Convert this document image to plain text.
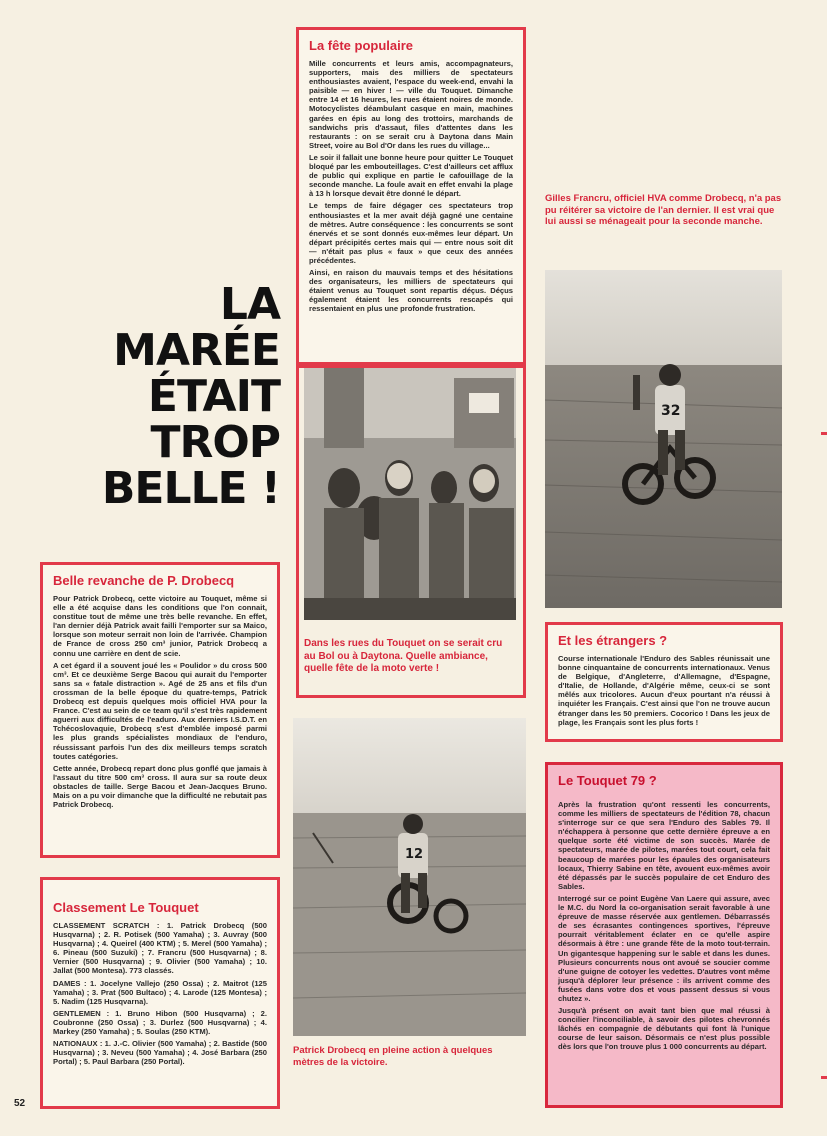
LA
MARÉE
ÉTAIT
TROP
BELLE !
La fête populaire

Mille concurrents et leurs amis, accompagnateurs, supporters, mais des milliers de spectateurs enthousiastes avaient, l'espace du week-end, envahi la paisible — en hiver ! — ville du Touquet. Dimanche entre 14 et 16 heures, les rues étaient noires de monde. Motocyclistes déambulant casque en main, machines garées en épis au long des trottoirs, marchands de sandwichs pris d'assaut, files d'attentes dans les restaurants : on se serait cru à Daytona dans Main Street, voire au Bol d'Or dans les rues du village...

Le soir il fallait une bonne heure pour quitter Le Touquet bloqué par les embouteillages. C'est d'ailleurs cet afflux de public qui explique en partie le cafouillage de la seconde manche. La foule avait en effet envahi la plage à 13 h lorsque devait être donné le départ.

Le temps de faire dégager ces spectateurs trop enthousiastes et la mer avait déjà gagné une centaine de mètres. Autre conséquence : les concurrents se sont énervés et se sont donnés eux-mêmes leur départ. Un départ précipités certes mais qui — entre nous soit dit — n'était pas plus « faux » que ceux des années précédentes.

Ainsi, en raison du mauvais temps et des hésitations des organisateurs, les milliers de spectateurs qui étaient venus au Touquet sont repartis déçus. Déçus également étaient les concurrents rescapés qui ressentaient en plus une profonde frustration.

Gilles Francru, officiel HVA comme Drobecq, n'a pas pu réitérer sa victoire de l'an dernier. Il est vrai que lui aussi se ménageait pour la seconde manche.
32
Dans les rues du Touquet on se serait cru au Bol ou à Daytona. Quelle ambiance, quelle fête de la moto verte !
Belle revanche de P. Drobecq

Pour Patrick Drobecq, cette victoire au Touquet, même si elle a été acquise dans les conditions que l'on connait, constitue tout de même une très belle revanche. En effet, l'an dernier déjà Patrick avait failli l'emporter sur sa Maico, lorsque son moteur serrait non loin de l'arrivée. Champion de France de cross 250 cm³ junior, Patrick Drobecq a connu une carrière en dent de scie.

A cet égard il a souvent joué les « Poulidor » du cross 500 cm³. Et ce deuxième Serge Bacou qui aurait du l'emporter sans sa « fatale distraction ». Agé de 25 ans et fils d'un crossman de la belle époque du quatre-temps, Patrick Drobecq est depuis quelques mois officiel HVA pour la France. C'est au sein de ce team qu'il s'est très rapidement aguerri aux difficultés de l'eaduro. Aux derniers I.S.D.T. en Tchécoslovaquie, Drobecq s'est d'emblée imposé parmi les plus grands spécialistes mondiaux de l'enduro, réussissant parfois l'un des dix meilleurs temps scratch toutes catégories.

Cette année, Drobecq repart donc plus gonflé que jamais à l'assaut du titre 500 cm³ cross. Il aura sur sa route deux obstacles de taille. Serge Bacou et Jean-Jacques Bruno. Mais on a pu voir dimanche que la difficulté ne rebutait pas Patrick Drobecq.

Classement Le Touquet

CLASSEMENT SCRATCH : 1. Patrick Drobecq (500 Husqvarna) ; 2. R. Potisek (500 Yamaha) ; 3. Auvray (500 Husqvarna) ; 4. Queirel (400 KTM) ; 5. Merel (500 Yamaha) ; 6. Pineau (500 Suzuki) ; 7. Francru (500 Husqvarna) ; 8. Vernier (500 Husqvarna) ; 9. Olivier (500 Yamaha) ; 10. Jallat (500 Montesa). 773 classés.

DAMES : 1. Jocelyne Vallejo (250 Ossa) ; 2. Maitrot (125 Yamaha) ; 3. Prat (500 Bultaco) ; 4. Larode (125 Montesa) ; 5. Nadim (125 Husqvarna).

GENTLEMEN : 1. Bruno Hibon (500 Husqvarna) ; 2. Coubronne (250 Ossa) ; 3. Durlez (500 Husqvarna) ; 4. Markey (250 Yamaha) ; 5. Soulas (250 KTM).

NATIONAUX : 1. J.-C. Olivier (500 Yamaha) ; 2. Bastide (500 Husqvarna) ; 3. Neveu (500 Yamaha) ; 4. José Barbara (250 Portal) ; 5. Paul Barbara (250 Portal).

12
Patrick Drobecq en pleine action à quelques mètres de la victoire.
Et les étrangers ?

Course internationale l'Enduro des Sables réunissait une bonne cinquantaine de concurrents internationaux. Venus de Belgique, d'Angleterre, d'Allemagne, d'Espagne, d'Italie, de Hollande, d'Algérie même, ceux-ci se sont mêlés aux tricolores. Aucun d'eux pourtant n'a réussi à inquiéter les Français. C'est ainsi que l'on ne trouve aucun étranger dans les 50 premiers. Cocorico ! Dans les jeux de plage, les Français sont les plus forts !

Le Touquet 79 ?

Après la frustration qu'ont ressenti les concurrents, comme les milliers de spectateurs de l'édition 78, chacun s'interroge sur ce que sera l'Enduro des Sables 79. Il n'échappera à personne que cette dernière épreuve a en quelque sorte été victime de son succès. Marée de spectateurs, marée de pilotes, marées tout court, cela fait beaucoup de marées pour les épaules des organisateurs locaux, Thierry Sabine en tête, avouent eux-mêmes avoir été dépassés par le succès populaire de cet Enduro des Sables.

Interrogé sur ce point Eugène Van Laere qui assure, avec le M.C. du Nord la co-organisation serait favorable à une épreuve de masse réservée aux gentlemen. Débarrassés de ses écrasantes contingences sportives, l'épreuve pourrait véritablement éclater en ce qu'elle aspire désormais à être : une grande fête de la moto tout-terrain. Un gigantesque happening sur le sable et dans les dunes. Plusieurs concurrents nous ont avoué se soucier comme d'une guigne de cotoyer les vedettes. D'autres vont même jusqu'à déplorer leur présence : ils arrivent comme des fusées dans votre dos et vous passent dessus si vous chutez ».

Jusqu'à présent on avait tant bien que mal réussi à concilier l'inconciliable, à savoir des pilotes chevronnés lâchés en compagnie de débutants qui font là l'unique course de leur saison. Désormais ce n'est plus possible dès lors que l'on trouve plus 1 000 concurrents au départ.

52
